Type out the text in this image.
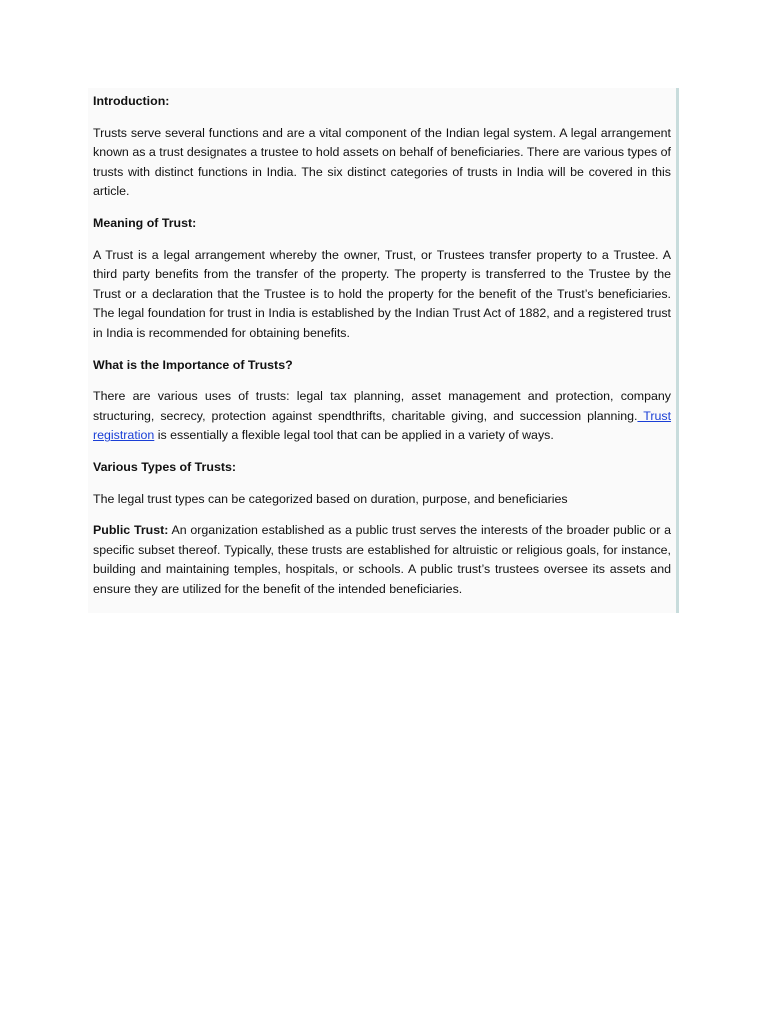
Introduction:

Trusts serve several functions and are a vital component of the Indian legal system. A legal arrangement known as a trust designates a trustee to hold assets on behalf of beneficiaries. There are various types of trusts with distinct functions in India. The six distinct categories of trusts in India will be covered in this article.

Meaning of Trust:

A Trust is a legal arrangement whereby the owner, Trust, or Trustees transfer property to a Trustee. A third party benefits from the transfer of the property. The property is transferred to the Trustee by the Trust or a declaration that the Trustee is to hold the property for the benefit of the Trust’s beneficiaries. The legal foundation for trust in India is established by the Indian Trust Act of 1882, and a registered trust in India is recommended for obtaining benefits.

What is the Importance of Trusts?

There are various uses of trusts: legal tax planning, asset management and protection, company structuring, secrecy, protection against spendthrifts, charitable giving, and succession planning. Trust registration is essentially a flexible legal tool that can be applied in a variety of ways.

Various Types of Trusts:

The legal trust types can be categorized based on duration, purpose, and beneficiaries

Public Trust: An organization established as a public trust serves the interests of the broader public or a specific subset thereof. Typically, these trusts are established for altruistic or religious goals, for instance, building and maintaining temples, hospitals, or schools. A public trust’s trustees oversee its assets and ensure they are utilized for the benefit of the intended beneficiaries.
